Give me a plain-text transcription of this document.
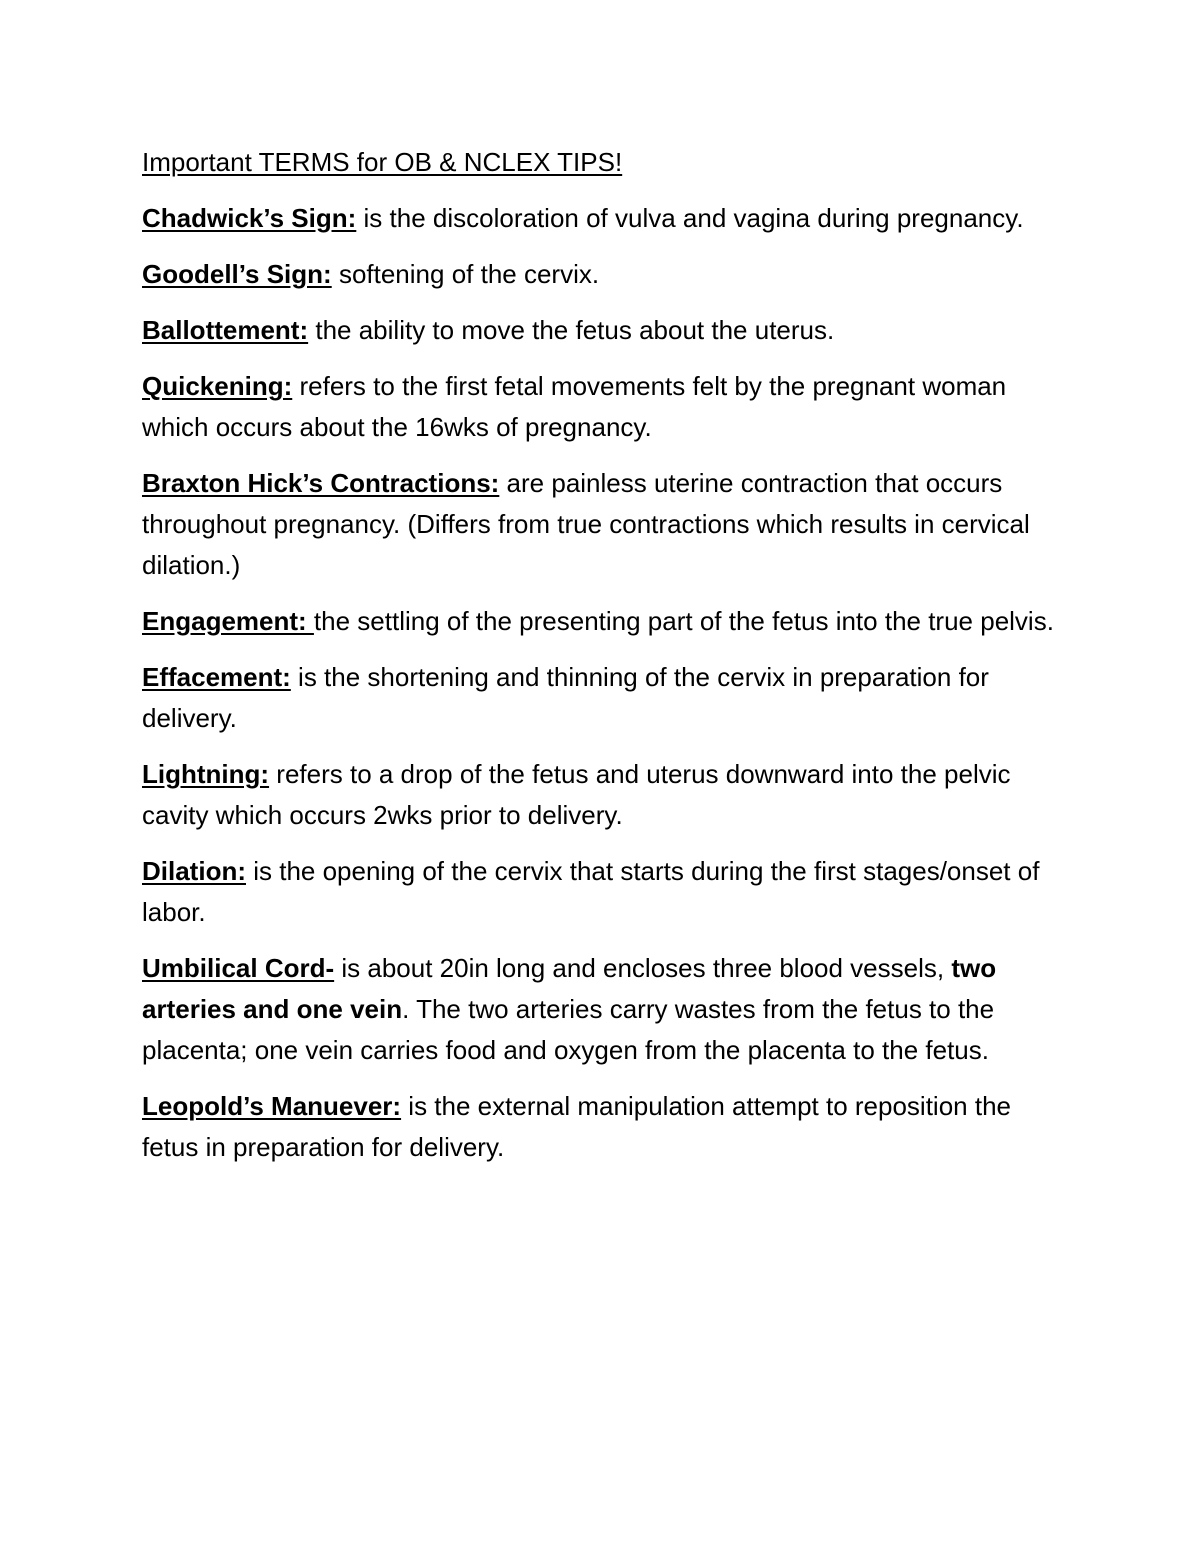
Important TERMS for OB & NCLEX TIPS!

Chadwick’s Sign: is the discoloration of vulva and vagina during pregnancy.

Goodell’s Sign: softening of the cervix.

Ballottement: the ability to move the fetus about the uterus.

Quickening: refers to the first fetal movements felt by the pregnant woman which occurs about the 16wks of pregnancy.

Braxton Hick’s Contractions: are painless uterine contraction that occurs throughout pregnancy. (Differs from true contractions which results in cervical dilation.)

Engagement: the settling of the presenting part of the fetus into the true pelvis.

Effacement: is the shortening and thinning of the cervix in preparation for delivery.

Lightning: refers to a drop of the fetus and uterus downward into the pelvic cavity which occurs 2wks prior to delivery.

Dilation: is the opening of the cervix that starts during the first stages/onset of labor.

Umbilical Cord- is about 20in long and encloses three blood vessels, two arteries and one vein. The two arteries carry wastes from the fetus to the placenta; one vein carries food and oxygen from the placenta to the fetus.

Leopold’s Manuever: is the external manipulation attempt to reposition the fetus in preparation for delivery.
